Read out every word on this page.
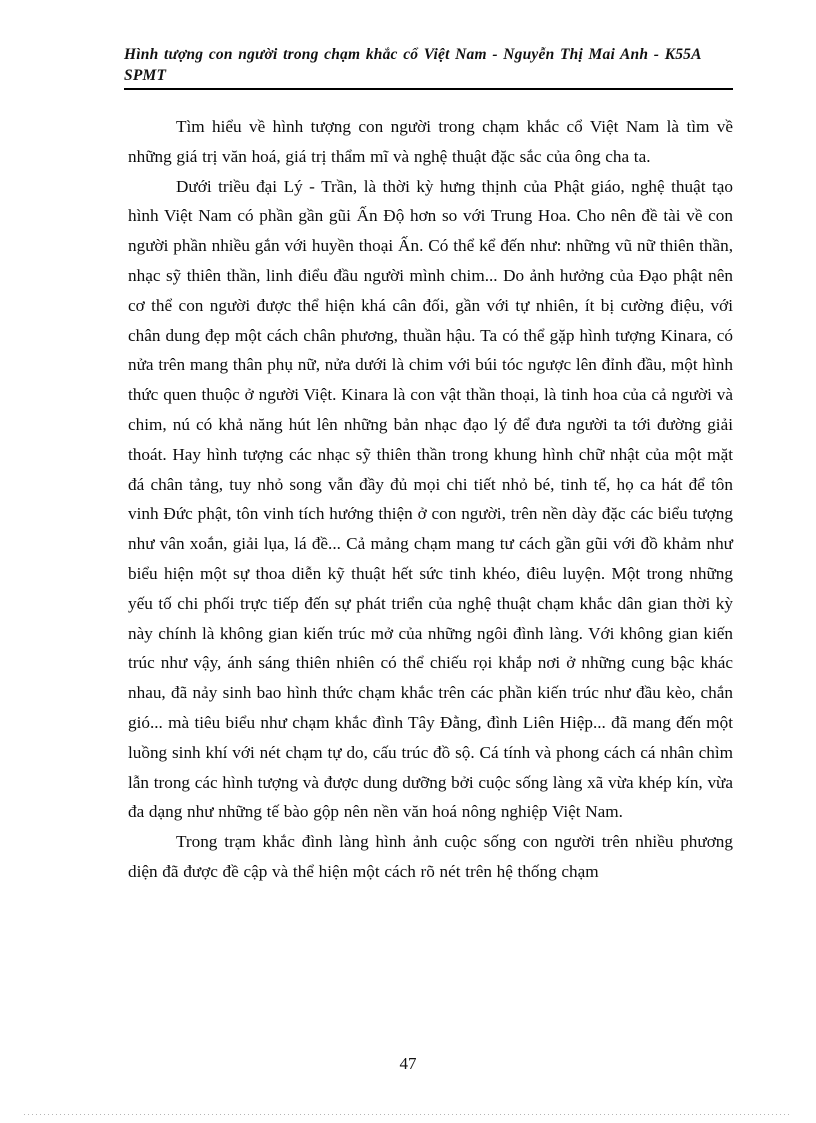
Hình tượng con người trong chạm khắc cổ Việt Nam - Nguyễn Thị Mai Anh - K55A SPMT

Tìm hiểu về hình tượng con người trong chạm khắc cổ Việt Nam là tìm về những giá trị văn hoá, giá trị thẩm mĩ và nghệ thuật đặc sắc của ông cha ta.

Dưới triều đại Lý - Trần, là thời kỳ hưng thịnh của Phật giáo, nghệ thuật tạo hình Việt Nam có phần gần gũi Ấn Độ hơn so với Trung Hoa. Cho nên đề tài về con người phần nhiều gắn với huyền thoại Ấn. Có thể kể đến như: những vũ nữ thiên thần, nhạc sỹ thiên thần, linh điểu đầu người mình chim... Do ảnh hưởng của Đạo phật nên cơ thể con người được thể hiện khá cân đối, gần với tự nhiên, ít bị cường điệu, với chân dung đẹp một cách chân phương, thuần hậu. Ta có thể gặp hình tượng Kinara, có nửa trên mang thân phụ nữ, nửa dưới là chim với búi tóc ngược lên đỉnh đầu, một hình thức quen thuộc ở người Việt. Kinara là con vật thần thoại, là tinh hoa của cả người và chim, nú có khả năng hút lên những bản nhạc đạo lý để đưa người ta tới đường giải thoát. Hay hình tượng các nhạc sỹ thiên thần trong khung hình chữ nhật của một mặt đá chân tảng, tuy nhỏ song vẫn đầy đủ mọi chi tiết nhỏ bé, tinh tế, họ ca hát để tôn vinh Đức phật, tôn vinh tích hướng thiện ở con người, trên nền dày đặc các biểu tượng như vân xoắn, giải lụa, lá đề... Cả mảng chạm mang tư cách gần gũi với đồ khảm như biểu hiện một sự thoa diễn kỹ thuật hết sức tinh khéo, điêu luyện. Một trong những yếu tố chi phối trực tiếp đến sự phát triển của nghệ thuật chạm khắc dân gian thời kỳ này chính là không gian kiến trúc mở của những ngôi đình làng. Với không gian kiến trúc như vậy, ánh sáng thiên nhiên có thể chiếu rọi khắp nơi ở những cung bậc khác nhau, đã nảy sinh bao hình thức chạm khắc trên các phần kiến trúc như đầu kèo, chắn gió... mà tiêu biểu như chạm khắc đình Tây Đằng, đình Liên Hiệp... đã mang đến một luồng sinh khí với nét chạm tự do, cấu trúc đồ sộ. Cá tính và phong cách cá nhân chìm lẫn trong các hình tượng và được dung dưỡng bởi cuộc sống làng xã vừa khép kín, vừa đa dạng như những tế bào gộp nên nền văn hoá nông nghiệp Việt Nam.

Trong trạm khắc đình làng hình ảnh cuộc sống con người trên nhiều phương diện đã được đề cập và thể hiện một cách rõ nét trên hệ thống chạm

47
